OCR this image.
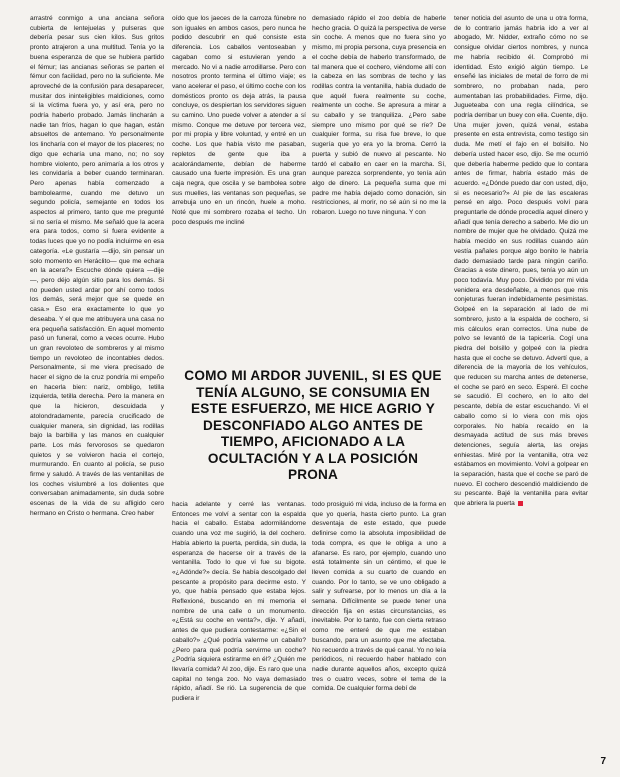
arrastré conmigo a una anciana señora cubierta de lentejuelas y pulseras que debería pesar sus cien kilos. Sus gritos pronto atrajeron a una multitud. Tenía yo la buena esperanza de que se hubiera partido el fémur; las ancianas señoras se parten el fémur con facilidad, pero no la suficiente. Me aproveché de la confusión para desaparecer, musitar dos ininteligibles maldiciones, como si la víctima fuera yo, y así era, pero no podría haberlo probado. Jamás lincharán a nadie tan fríos, hagan lo que hagan, están absueltos de antemano. Yo personalmente los lincharía con el mayor de los placeres; no digo que echaría una mano, no; no soy hombre violento, pero animaría a los otros y les convidaría a beber cuando terminaran. Pero apenas había comenzado a bambolearme, cuando me detuvo un segundo policía, semejante en todos los aspectos al primero, tanto que me pregunté si no sería el mismo. Me señaló que la acera era para todos, como si fuera evidente a todas luces que yo no podía incluirme en esa categoría. «Le gustaría —dijo, sin pensar un solo momento en Heráclito— que me echara en la acera?» Escuche dónde quiera —dije—, pero déjo algún sitio para los demás. Si no pueden usted ardar por ahí como todos los demás, será mejor que se quede en casa.» Eso era exactamente lo que yo deseaba. Y el que me atribuyera una casa no era pequeña satisfacción. En aquel momento pasó un funeral, como a veces ocurre. Hubo un gran revoloteo de sombreros y al mismo tiempo un revoloteo de incontables dedos. Personalmente, si me viera precisado de hacer el signo de la cruz pondría mi empeño en hacerla bien: nariz, ombligo, tetilla izquierda, tetilla derecha. Pero la manera en que la hicieron, descuidada y atolondradamente, parecía crucificado de cualquier manera, sin dignidad, las rodillas bajo la barbilla y las manos en cualquier parte. Los más fervorosos se quedaron quietos y se volvieron hacia el cortejo, murmurando. En cuanto al policía, se puso firme y saludó. A través de las ventanillas de los coches vislumbré a los dolientes que conversaban animadamente, sin duda sobre escenas de la vida de su afligido cero hermano en Cristo o hermana. Creo haber

oído que los jaeces de la carroza fúnebre no son iguales en ambos casos, pero nunca he podido descubrir en qué consiste esta diferencia. Los caballos ventoseaban y cagaban como si estuvieran yendo a mercado. No vi a nadie arrodillarse. Pero con nosotros pronto termina el último viaje; es vano acelerar el paso, el último coche con los domésticos pronto os deja atrás, la pausa concluye, os despiertan los servidores siguen su camino. Uno puede volver a atender a sí mismo. Conque me detuve por tercera vez, por mi propia y libre voluntad, y entré en un coche. Los que había visto me pasaban, repletos de gente que iba a acalorándamente, debían de haberme causado una fuerte impresión. Es una gran caja negra, que oscila y se bambolea sobre sus muelles, las ventanas son pequeñas, se arrebuja uno en un rincón, huele a moho. Noté que mi sombrero rozaba el techo. Un poco después me incliné

demasiado rápido el zoo debía de haberle hecho gracia. O quizá la perspectiva de verse sin coche. A menos que no fuera sino yo mismo, mi propia persona, cuya presencia en el coche debía de haberlo transformado, de tal manera que el cochero, viéndome allí con la cabeza en las sombras de techo y las rodillas contra la ventanilla, había dudado de que aquél fuera realmente su coche, realmente un coche. Se apresura a mirar a su caballo y se tranquiliza. ¿Pero sabe siempre uno mismo por qué se ríe? De cualquier forma, su risa fue breve, lo que sugería que yo era yo la broma. Cerró la puerta y subió de nuevo al pescante. No tardó el caballo en caer en la marcha. Sí, aunque parezca sorprendente, yo tenía aún algo de dinero. La pequeña suma que mi padre me había dejado como donación, sin restricciones, al morir, no sé aún si no me la robaron. Luego no tuve ninguna. Y con

COMO MI ARDOR JUVENIL, SI ES QUE TENÍA ALGUNO, SE CONSUMIA EN ESTE ESFUERZO, ME HICE AGRIO Y DESCONFIADO ALGO ANTES DE TIEMPO, AFICIONADO A LA OCULTACIÓN Y A LA POSICIÓN PRONA

hacia adelante y cerré las ventanas. Entonces me volví a sentar con la espalda hacia el caballo. Estaba adormilándome cuando una voz me sugirió, la del cochero. Había abierto la puerta, perdida, sin duda, la esperanza de hacerse oír a través de la ventanilla. Todo lo que vi fue su bigote. «¿Adónde?» decía. Se había descolgado del pescante a propósito para decirme esto. Y yo, que había pensado que estaba lejos. Reflexioné, buscando en mi memoria el nombre de una calle o un monumento. «¿Está su coche en venta?», dije. Y añadí, antes de que pudiera contestarme: «¿Sin el caballo?» ¿Qué podría valerme un caballo? ¿Pero para qué podría servirme un coche? ¿Podría siquiera estirarme en él? ¿Quién me llevaría comida? Al zoo, dije. Es raro que una capital no tenga zoo. No vaya demasiado rápido, añadí. Se rió. La sugerencia de que pudiera ir

todo prosiguió mi vida, incluso de la forma en que yo quería, hasta cierto punto. La gran desventaja de este estado, que puede definirse como la absoluta imposibilidad de toda compra, es que le obliga a uno a afanarse. Es raro, por ejemplo, cuando uno está totalmente sin un céntimo, el que le lleven comida a su cuarto de cuando en cuando. Por lo tanto, se ve uno obligado a salir y sufrearse, por lo menos un día a la semana. Difícilmente se puede tener una dirección fija en estas circunstancias, es inevitable. Por lo tanto, fue con cierta retraso como me enteré de que me estaban buscando, para un asunto que me afectaba. No recuerdo a través de qué canal. Yo no leía periódicos, ni recuerdo haber hablado con nadie durante aquellos años, excepto quizá tres o cuatro veces, sobre el tema de la comida. De cualquier forma debí de

tener noticia del asunto de una u otra forma, de lo contrario jamás habría ido a ver al abogado, Mr. Nidder, extraño cómo no se consigue olvidar ciertos nombres, y nunca me habría recibido él. Comprobó mi identidad. Esto exigió algún tiempo. Le enseñé las iniciales de metal de forro de mi sombrero, no probaban nada, pero aumentaban las probabilidades. Firme, dijo. Jugueteaba con una regla cilíndrica, se podría derribar un buey con ella. Cuente, dijo. Una mujer joven, quizá venal, estaba presente en esta entrevista, como testigo sin duda. Me metí el fajo en el bolsillo. No debería usted hacer eso, dijo. Se me ocurrió que debería haberme pedido que lo contara antes de firmar, habría estado más de acuerdo. «¿Dónde puedo dar con usted, dijo, si es necesario?» Al pie de las escaleras pensé en algo. Poco después volví para preguntarle de dónde procedía aquel dinero y añadí que tenía derecho a saberlo. Me dio un nombre de mujer que he olvidado. Quizá me había mecido en sus rodillas cuando aún vestía pañales porque algo bonito le habría dado demasiado tarde para ningún cariño. Gracias a este dinero, pues, tenía yo aún un poco todavía. Muy poco. Dividido por mi vida venidera era desdeñable, a menos que mis conjeturas fueran indebidamente pesimistas. Golpeé en la separación al lado de mi sombrero, justo a la espalda de cochero, si mis cálculos eran correctos. Una nube de polvo se levantó de la tapicería. Cogí una piedra del bolsillo y golpeé con la piedra hasta que el coche se detuvo. Advertí que, a diferencia de la mayoría de los vehículos, que reducen su marcha antes de detenerse, el coche se paró en seco. Esperé. El coche se sacudió. El cochero, en lo alto del pescante, debía de estar escuchando. Vi el caballo como si lo viera con mis ojos corporales. No había recaído en la desmayada actitud de sus más breves detenciones, seguía alerta, las orejas enhiestas. Miré por la ventanilla, otra vez estábamos en movimiento. Volví a golpear en la separación, hasta que el coche se paró de nuevo. El cochero descendió maldiciendo de su pescante. Bajé la ventanilla para evitar que abriera la puerta

7
